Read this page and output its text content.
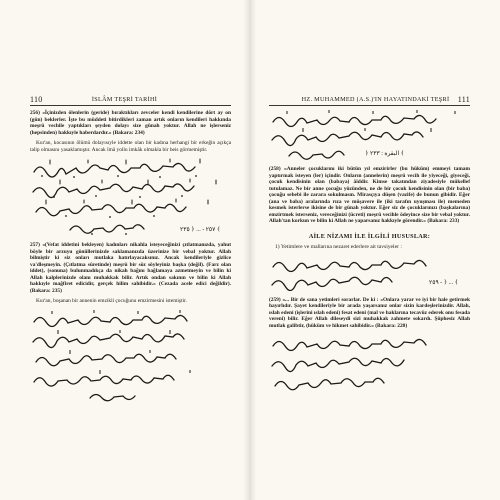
110	İSLÂM TEŞRİ TARİHİ

256) «İçinizden ölenlerin (geride) bıraktıkları zevceler kendi kendilerine dört ay on (gün) beklerler. İşte bu müddeti bitirdikleri zaman artık onların kendileri hakkında meşrû vechile yaptıkları şeyden dolayı size günah yoktur. Allah ne işlerseniz (hepsinden) hakkıyle haberdardır.» (Bakara: 234)

Kur'an, kocasının ölümü dolayısıyle iddette olan bir kadına herhangi bir erkeğin açıkça talip olmasını yasaklamıştır. Ancak îmâ yollu imkâk olmakla bir beis görmemiştir.

٢٥٧ - ... ﴿ ٢٣٥ ﴾

257) «(Vefat iddetini bekleyen) kadınları nikahla isteyeceğinizi çıtlatmanızda, yahut böyle bir arzuyu gönüllerinizde saklamanızda üzerinize bir vebal yoktur. Allah bilmiştir ki siz onları mutlaka hatırlayacaksınız. Ancak kendileriyle gizlice va'dleşmeyin. (Çıtlatma sûretinde) meşrû bir söz söyleyiniz başka (değil). (Farz olan iddet), (sonuna) bulunmadıkça da nikah bağını bağlamaya azmetmeyin ve bilin ki Allah kalplerinizde olanı muhakkak bilir. Artık ondan sakının ve bilin ki Allah hakkıyle mağfiret edicidir, gerçek hilim sahibidir.» (Cezada acele edici değildir). (Bakara: 235)

Kur'an, boşanan bir annenin emzikli çocuğunu emzirmesini istemiştir.

111
HZ. MUHAMMED (A.S.)'IN HAYATINDAKİ TEŞRİ
﴿ البقرة : ٢٣٣ ﴾

(258) «Anneler çocuklarını iki bütün yıl emzirirler (bu hüküm) emmeyi tamam yaptırmak isteyen (ler) içindir. Onların (annelerin) meşrû vecih ile yiyeceği, giyeceği, çocuk kendisinin olan (babaya) âiddir. Kimse takatından ziyadesiyle mükellef tutulamaz. Ne bir anne çocuğu yüzünden, ne de bir çocuk kendisinin olan (bir baba) çocuğu sebebi ile zarara sokulmasın. Mirasçıya düşen (vazife) de bunun gibidir. Eğer (ana ve baba) aralarında rıza ve müşavere ile (iki tarafın uyuşması ile) memeden kesmek isterlerse ikisine de bir günah yoktur. Eğer siz de çocuklarınızı (başkalarına) emzirtmek isterseniz, vereceğinizi (ücreti) meşrû vecihle ödeyince size bir vebal yoktur. Allah'tan korkun ve bilin ki Allah ne yaparsanız hakkıyle görendir.» (Bakara: 233)

AİLE NİZAMI İLE İLGİLİ HUSUSLAR:
1) Yetimlere ve mallarına nezaret ederlere ait tavsiyeler :
٢٥٩ - ﴿ ... ﴾

(259) «... Bir de sana yetimleri sorarlar. De ki : «Onlara yarar ve iyi bir hale getirmek hayırlıdır. Şayet kendileriyle bir arada yaşarsanız onlar sizin kardeşlerinizdir. Allah, ıslah edeni (işlerini ıslah edeni) fesat edeni (mal ve haklarına tecavüz ederek onu fesada vereni) bilir. Eğer Allah dileseydi sizi muhakkak zahmete sokardı. Şüphesiz Allah mutlak galibtir, (hüküm ve hikmet sahibidir.» (Bakara: 220)
